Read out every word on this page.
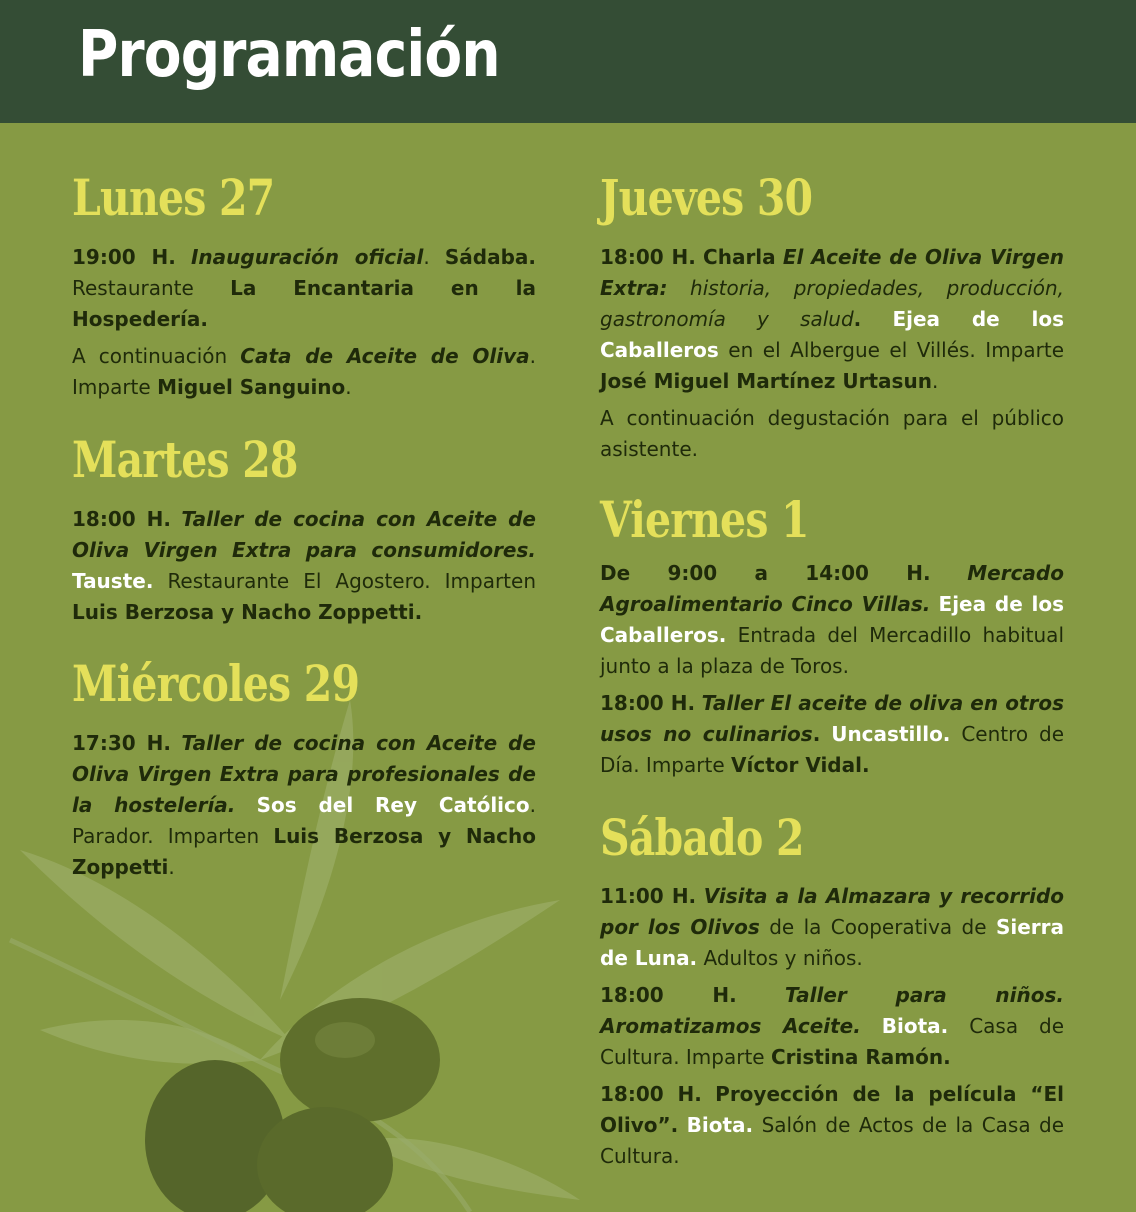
Programación
Lunes 27
19:00 H. Inauguración oficial. Sádaba. Restaurante La Encantaria en la Hospedería.
A continuación Cata de Aceite de Oliva. Imparte Miguel Sanguino.
Martes 28
18:00 H. Taller de cocina con Aceite de Oliva Virgen Extra para consumidores. Tauste. Restaurante El Agostero. Imparten Luis Berzosa y Nacho Zoppetti.
Miércoles 29
17:30 H. Taller de cocina con Aceite de Oliva Virgen Extra para profesionales de la hostelería. Sos del Rey Católico. Parador. Imparten Luis Berzosa y Nacho Zoppetti.
Jueves 30
18:00 H. Charla El Aceite de Oliva Virgen Extra: historia, propiedades, producción, gastronomía y salud. Ejea de los Caballeros en el Albergue el Villés. Imparte José Miguel Martínez Urtasun.
A continuación degustación para el público asistente.
Viernes 1
De 9:00 a 14:00 H. Mercado Agroalimentario Cinco Villas. Ejea de los Caballeros. Entrada del Mercadillo habitual junto a la plaza de Toros.
18:00 H. Taller El aceite de oliva en otros usos no culinarios. Uncastillo. Centro de Día. Imparte Víctor Vidal.
Sábado 2
11:00 H. Visita a la Almazara y recorrido por los Olivos de la Cooperativa de Sierra de Luna. Adultos y niños.
18:00 H. Taller para niños. Aromatizamos Aceite. Biota. Casa de Cultura. Imparte Cristina Ramón.
18:00 H. Proyección de la película “El Olivo”. Biota. Salón de Actos de la Casa de Cultura.
